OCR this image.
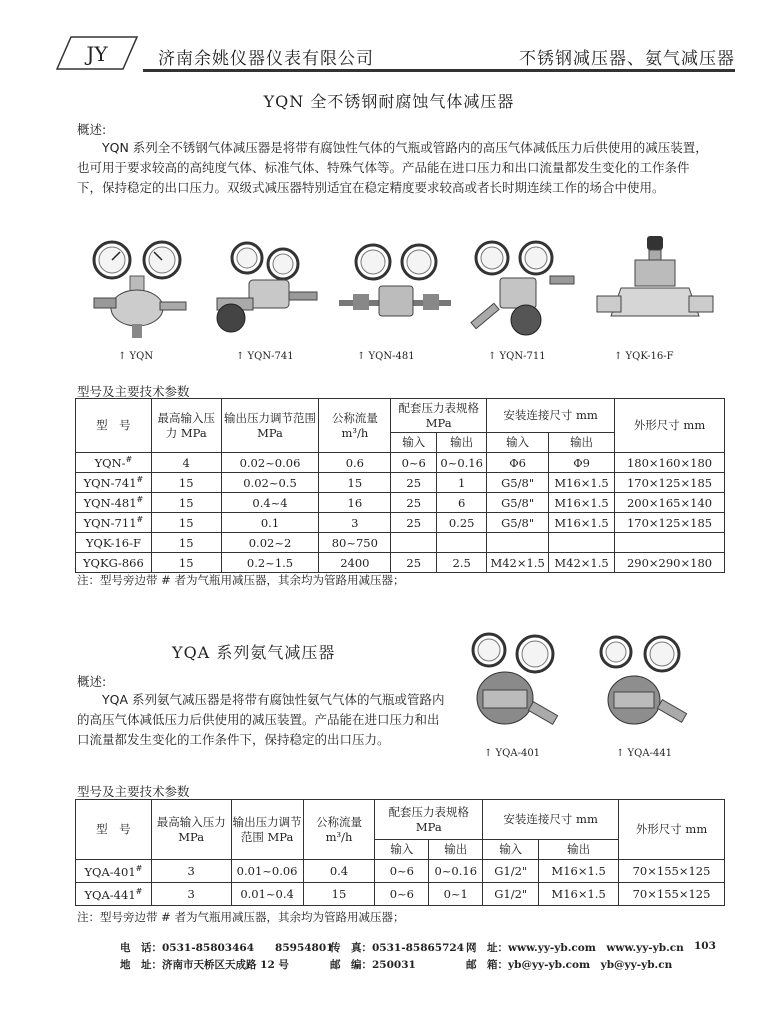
JY	济南余姚仪器仪表有限公司	不锈钢减压器、氨气减压器
YQN 全不锈钢耐腐蚀气体减压器
概述:
YQN 系列全不锈钢气体减压器是将带有腐蚀性气体的气瓶或管路内的高压气体减低压力后供使用的减压装置，也可用于要求较高的高纯度气体、标准气体、特殊气体等。产品能在进口压力和出口流量都发生变化的工作条件下，保持稳定的出口压力。双级式减压器特别适宜在稳定精度要求较高或者长时期连续工作的场合中使用。
↑ YQN	↑ YQN-741	↑ YQN-481	↑ YQN-711	↑ YQK-16-F
型号及主要技术参数
型　号	最高输入压力 MPa	输出压力调节范围 MPa	公称流量
m³/h	配套压力表规格 MPa		安装连接尺寸 mm		外形尺寸 mm
				输入	输出	输入	输出	
YQN-#	4	0.02~0.06	0.6	0~6	0~0.16	Φ6	Φ9	180×160×180
YQN-741#	15	0.02~0.5	15	25	1	G5/8"	M16×1.5	170×125×185
YQN-481#	15	0.4~4	16	25	6	G5/8"	M16×1.5	200×165×140
YQN-711#	15	0.1	3	25	0.25	G5/8"	M16×1.5	170×125×185
YQK-16-F	15	0.02~2	80~750					
YQKG-866	15	0.2~1.5	2400	25	2.5	M42×1.5	M42×1.5	290×290×180
注：型号旁边带 # 者为气瓶用减压器，其余均为管路用减压器；
YQA 系列氨气减压器
概述:
YQA 系列氨气减压器是将带有腐蚀性氨气气体的气瓶或管路内的高压气体减低压力后供使用的减压装置。产品能在进口压力和出口流量都发生变化的工作条件下，保持稳定的出口压力。
↑ YQA-401	↑ YQA-441
型号及主要技术参数
型　号	最高输入压力 MPa	输出压力调节范围 MPa	公称流量
m³/h	配套压力表规格 MPa		安装连接尺寸 mm		外形尺寸 mm
				输入	输出	输入	输出	
YQA-401#	3	0.01~0.06	0.4	0~6	0~0.16	G1/2"	M16×1.5	70×155×125
YQA-441#	3	0.01~0.4	15	0~6	0~1	G1/2"	M16×1.5	70×155×125
注：型号旁边带 # 者为气瓶用减压器，其余均为管路用减压器；
电　话：0531-85803464　　85954801
传　真：0531-85865724 网　址：www.yy-yb.com　www.yy-yb.cn 103
地　址：济南市天桥区天成路 12 号	邮　编：250031	邮　箱：yb@yy-yb.com　yb@yy-yb.cn
